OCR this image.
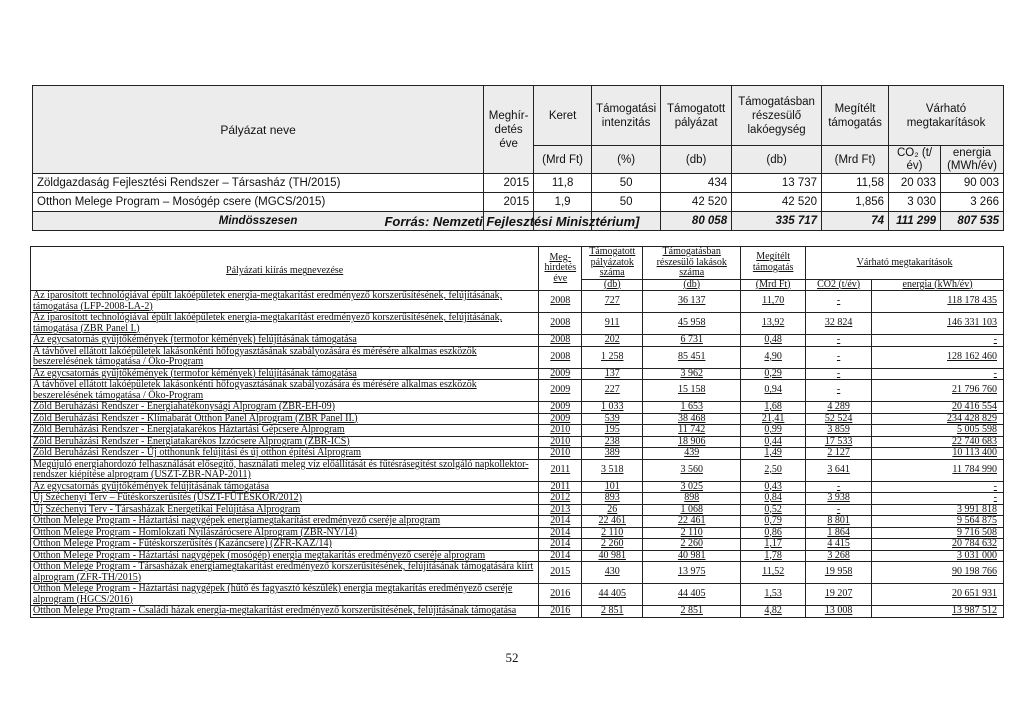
Pályázat neve	Meghír-detés éve	Keret	Támogatási intenzitás	Támogatott pályázat	Támogatásban részesülő lakóegység	Megítélt támogatás	Várható megtakarítások	
		(Mrd Ft)	(%)	(db)	(db)	(Mrd Ft)	CO₂ (t/év)	energia (MWh/év)
Zöldgazdaság Fejlesztési Rendszer – Társasház (TH/2015)	2015	11,8	50	434	13 737	11,58	20 033	90 003
Otthon Melege Program – Mosógép csere (MGCS/2015)	2015	1,9	50	42 520	42 520	1,856	3 030	3 266
Mindösszesen				80 058	335 717	74	111 299	807 535
Forrás: Nemzeti Fejlesztési Minisztérium]
Pályázati kiírás megnevezése	Meg-hirdetés éve	Támogatott pályázatok száma	Támogatásban részesülő lakások száma	Megítélt támogatás	Várható megtakarítások	
		(db)	(db)	(Mrd Ft)	CO2 (t/év)	energia (kWh/év)
Az iparosított technológiával épült lakóépületek energia-megtakarítást eredményező korszerűsítésének, felújításának, támogatása (LFP-2008-LA-2)	2008	727	36 137	11,70	-	118 178 435
Az iparosított technológiával épült lakóépületek energia-megtakarítást eredményező korszerűsítésének, felújításának, támogatása (ZBR Panel I.)	2008	911	45 958	13,92	32 824	146 331 103
Az egycsatornás gyűjtőkémények (termofor kémények) felújításának támogatása	2008	202	6 731	0,48	-	-
A távhővel ellátott lakóépületek lakásonkénti hőfogyasztásának szabályozására és mérésére alkalmas eszközök beszerelésének támogatása / Öko-Program	2008	1 258	85 451	4,90	-	128 162 460
Az egycsatornás gyűjtőkémények (termofor kémények) felújításának támogatása	2009	137	3 962	0,29	-	-
A távhővel ellátott lakóépületek lakásonkénti hőfogyasztásának szabályozására és mérésére alkalmas eszközök beszerelésének támogatása / Öko-Program	2009	227	15 158	0,94	-	21 796 760
Zöld Beruházási Rendszer - Energiahatékonysági Alprogram (ZBR-EH-09)	2009	1 033	1 653	1,68	4 289	20 416 554
Zöld Beruházási Rendszer - Klímabarát Otthon Panel Alprogram (ZBR Panel II.)	2009	539	38 468	21,41	52 524	234 428 829
Zöld Beruházási Rendszer - Energiatakarékos Háztartási Gépcsere Alprogram	2010	195	11 742	0,99	3 859	5 005 598
Zöld Beruházási Rendszer - Energiatakarékos Izzócsere Alprogram (ZBR-ICS)	2010	238	18 906	0,44	17 533	22 740 683
Zöld Beruházási Rendszer - Új otthonunk felújítási és új otthon építési Alprogram	2010	389	439	1,49	2 127	10 113 400
Megújuló energiahordozó felhasználását elősegítő, használati meleg víz előállítását és fűtésrásegítést szolgáló napkollektor-rendszer kiépítése alprogram (ÚSZT-ZBR-NAP-2011)	2011	3 518	3 560	2,50	3 641	11 784 990
Az egycsatornás gyűjtőkémények felújításának támogatása	2011	101	3 025	0,43	-	-
Új Széchenyi Terv – Fűtéskorszerűsítés (ÚSZT-FŰTÉSKOR/2012)	2012	893	898	0,84	3 938	-
Új Széchenyi Terv - Társasházak Energetikai Felújítása Alprogram	2013	26	1 068	0,52	-	3 991 818
Otthon Melege Program - Háztartási nagygépek energiamegtakarítást eredményező cseréje alprogram	2014	22 461	22 461	0,79	8 801	9 564 875
Otthon Melege Program - Homlokzati Nyílászárócsere Alprogram (ZBR-NY/14)	2014	2 110	2 110	0,86	1 864	9 716 508
Otthon Melege Program - Fűtéskorszerűsítés (Kazáncsere) (ZFR-KAZ/14)	2014	2 260	2 260	1,17	4 415	20 784 632
Otthon Melege Program - Háztartási nagygépek (mosógép) energia megtakarítás eredményező cseréje alprogram	2014	40 981	40 981	1,78	3 268	3 031 000
Otthon Melege Program - Társasházak energiamegtakarítást eredményező korszerűsítésének, felújításának támogatására kiírt alprogram (ZFR-TH/2015)	2015	430	13 975	11,52	19 958	90 198 766
Otthon Melege Program - Háztartási nagygépek (hűtő és fagyasztó készülék) energia megtakarítás eredményező cseréje alprogram (HGCS/2016)	2016	44 405	44 405	1,53	19 207	20 651 931
Otthon Melege Program - Családi házak energia-megtakarítást eredményező korszerűsítésének, felújításának támogatása	2016	2 851	2 851	4,82	13 008	13 987 512
52
